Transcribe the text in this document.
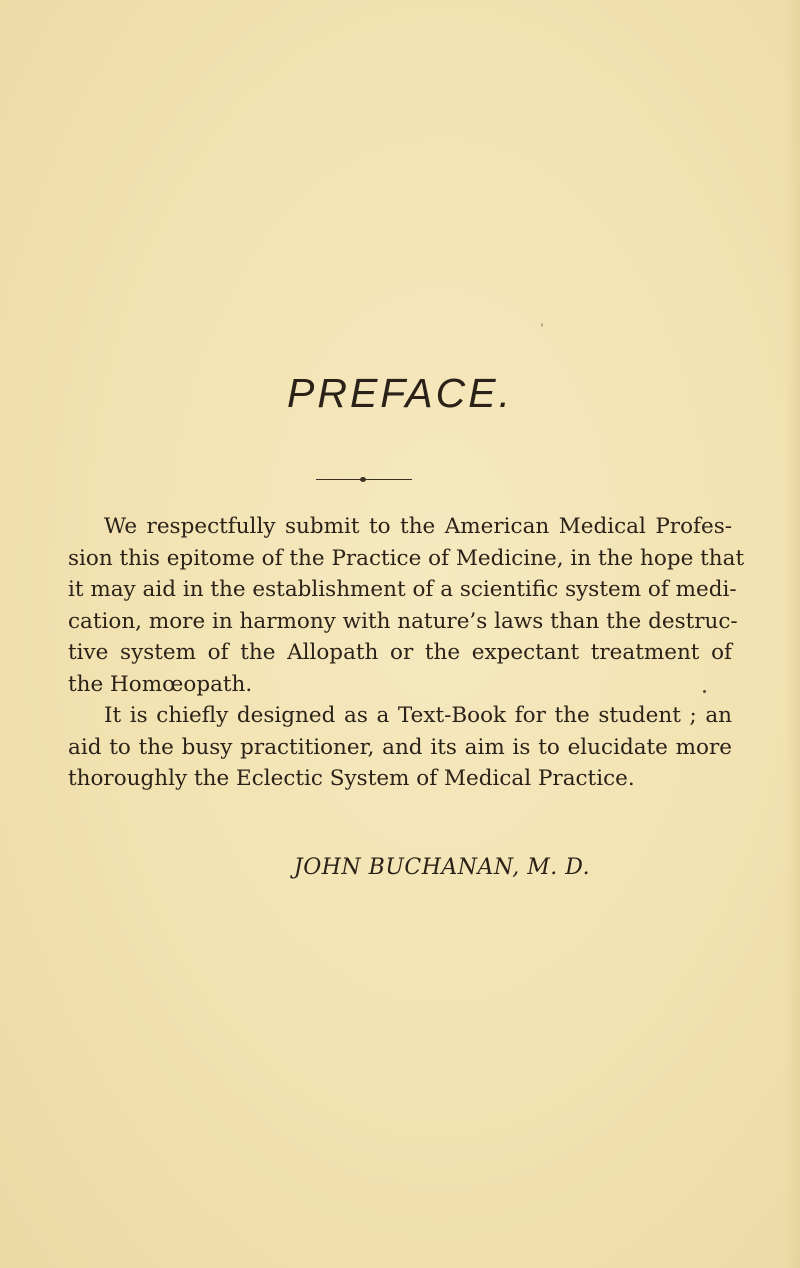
PREFACE.
We respectfully submit to the American Medical Profes-
sion this epitome of the Practice of Medicine, in the hope that
it may aid in the establishment of a scientific system of medi-
cation, more in harmony with nature’s laws than the destruc-
tive system of the Allopath or the expectant treatment of
the Homœopath.
It is chiefly designed as a Text-Book for the student ; an
aid to the busy practitioner, and its aim is to elucidate more
thoroughly the Eclectic System of Medical Practice.
JOHN BUCHANAN, M. D.
